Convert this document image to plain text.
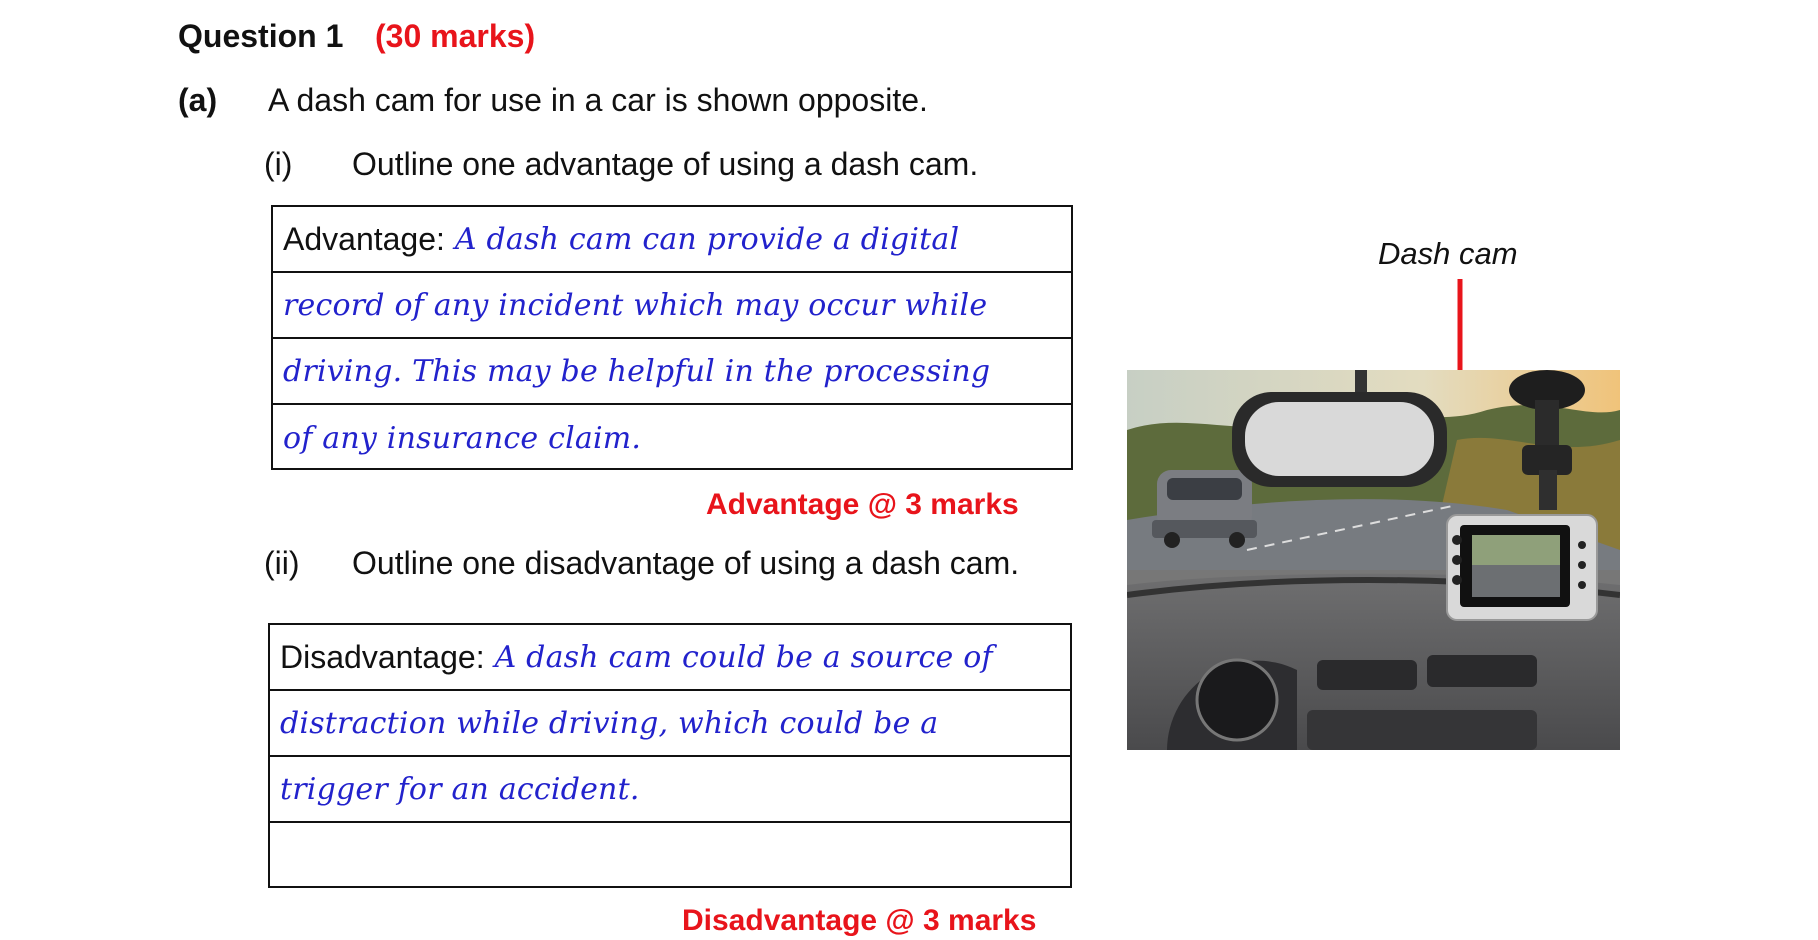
Question 1 (30 marks)
(a) A dash cam for use in a car is shown opposite.
(i) Outline one advantage of using a dash cam.
Advantage: A dash cam can provide a digital
record of any incident which may occur while
driving. This may be helpful in the processing
of any insurance claim.
Advantage @ 3 marks
(ii) Outline one disadvantage of using a dash cam.
Disadvantage: A dash cam could be a source of
distraction while driving, which could be a
trigger for an accident.
Disadvantage @ 3 marks
Dash cam
